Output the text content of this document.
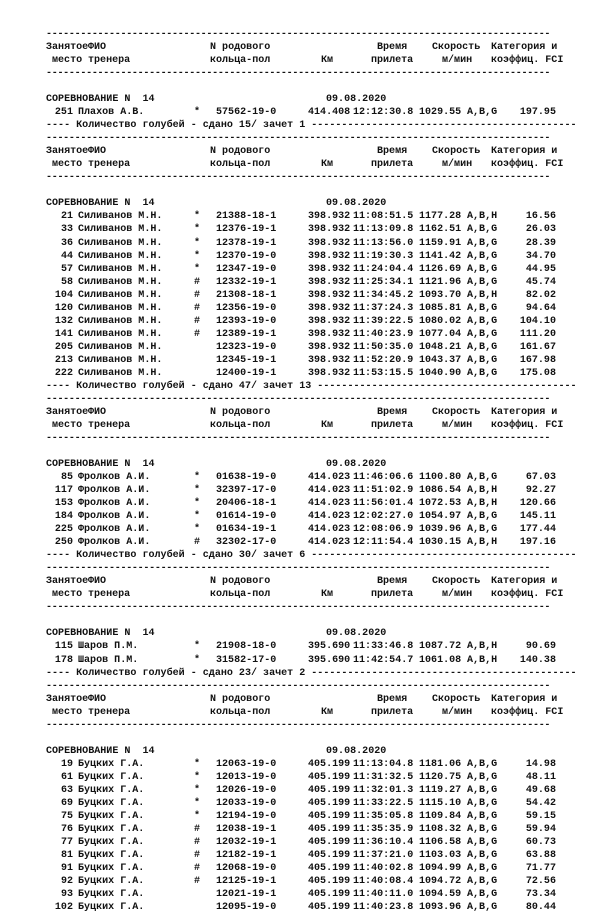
----------------------------------------------------------------------------------------
Занятое ФИО	N родового	Время Скорость Категория и
место тренера	кольца-пол	Км	прилета	м/мин коэффиц. FCI
----------------------------------------------------------------------------------------

СОРЕВНОВАНИЕ N  14	09.08.2020
251 Плахов А.В.	* 57562-19-0	414.408 12:12:30.8 1029.55 A,B,G	197.95
---- Количество голубей - сдано 15/ зачет 1 --------------------------------------------
----------------------------------------------------------------------------------------
Занятое ФИО	N родового	Время Скорость Категория и
место тренера	кольца-пол	Км	прилета	м/мин коэффиц. FCI
----------------------------------------------------------------------------------------

СОРЕВНОВАНИЕ N  14	09.08.2020
21 Силиванов М.Н.	* 21388-18-1	398.932 11:08:51.5 1177.28 A,B,H	16.56
33 Силиванов М.Н.	* 12376-19-1	398.932 11:13:09.8 1162.51 A,B,G	26.03
36 Силиванов М.Н.	* 12378-19-1	398.932 11:13:56.0 1159.91 A,B,G	28.39
44 Силиванов М.Н.	* 12370-19-0	398.932 11:19:30.3 1141.42 A,B,G	34.70
57 Силиванов М.Н.	* 12347-19-0	398.932 11:24:04.4 1126.69 A,B,G	44.95
58 Силиванов М.Н.	# 12332-19-1	398.932 11:25:34.1 1121.96 A,B,G	45.74
104 Силиванов М.Н.	# 21308-18-1	398.932 11:34:45.2 1093.70 A,B,H	82.02
120 Силиванов М.Н.	# 12356-19-0	398.932 11:37:24.3 1085.81 A,B,G	94.64
132 Силиванов М.Н.	# 12393-19-0	398.932 11:39:22.5 1080.02 A,B,G	104.10
141 Силиванов М.Н.	# 12389-19-1	398.932 11:40:23.9 1077.04 A,B,G	111.20
205 Силиванов М.Н.	12323-19-0	398.932 11:50:35.0 1048.21 A,B,G	161.67
213 Силиванов М.Н.	12345-19-1	398.932 11:52:20.9 1043.37 A,B,G	167.98
222 Силиванов М.Н.	12400-19-1	398.932 11:53:15.5 1040.90 A,B,G	175.08
---- Количество голубей - сдано 47/ зачет 13 -------------------------------------------
----------------------------------------------------------------------------------------
Занятое ФИО	N родового	Время Скорость Категория и
место тренера	кольца-пол	Км	прилета	м/мин коэффиц. FCI
----------------------------------------------------------------------------------------

СОРЕВНОВАНИЕ N  14	09.08.2020
85 Фролков А.И.	* 01638-19-0	414.023 11:46:06.6 1100.80 A,B,G	67.03
117 Фролков А.И.	* 32397-17-0	414.023 11:51:02.9 1086.54 A,B,H	92.27
153 Фролков А.И.	* 20406-18-1	414.023 11:56:01.4 1072.53 A,B,H	120.66
184 Фролков А.И.	* 01614-19-0	414.023 12:02:27.0 1054.97 A,B,G	145.11
225 Фролков А.И.	* 01634-19-1	414.023 12:08:06.9 1039.96 A,B,G	177.44
250 Фролков А.И.	# 32302-17-0	414.023 12:11:54.4 1030.15 A,B,H	197.16
---- Количество голубей - сдано 30/ зачет 6 --------------------------------------------
----------------------------------------------------------------------------------------
Занятое ФИО	N родового	Время Скорость Категория и
место тренера	кольца-пол	Км	прилета	м/мин коэффиц. FCI
----------------------------------------------------------------------------------------

СОРЕВНОВАНИЕ N  14	09.08.2020
115 Шаров П.М.	* 21908-18-0	395.690 11:33:46.8 1087.72 A,B,H	90.69
178 Шаров П.М.	* 31582-17-0	395.690 11:42:54.7 1061.08 A,B,H	140.38
---- Количество голубей - сдано 23/ зачет 2 --------------------------------------------
----------------------------------------------------------------------------------------
Занятое ФИО	N родового	Время Скорость Категория и
место тренера	кольца-пол	Км	прилета	м/мин коэффиц. FCI
----------------------------------------------------------------------------------------

СОРЕВНОВАНИЕ N  14	09.08.2020
19 Буцких Г.А.	* 12063-19-0	405.199 11:13:04.8 1181.06 A,B,G	14.98
61 Буцких Г.А.	* 12013-19-0	405.199 11:31:32.5 1120.75 A,B,G	48.11
63 Буцких Г.А.	* 12026-19-0	405.199 11:32:01.3 1119.27 A,B,G	49.68
69 Буцких Г.А.	* 12033-19-0	405.199 11:33:22.5 1115.10 A,B,G	54.42
75 Буцких Г.А.	* 12194-19-0	405.199 11:35:05.8 1109.84 A,B,G	59.15
76 Буцких Г.А.	# 12038-19-1	405.199 11:35:35.9 1108.32 A,B,G	59.94
77 Буцких Г.А.	# 12032-19-1	405.199 11:36:10.4 1106.58 A,B,G	60.73
81 Буцких Г.А.	# 12182-19-1	405.199 11:37:21.0 1103.03 A,B,G	63.88
91 Буцких Г.А.	# 12068-19-0	405.199 11:40:02.8 1094.99 A,B,G	71.77
92 Буцких Г.А.	# 12125-19-1	405.199 11:40:08.4 1094.72 A,B,G	72.56
93 Буцких Г.А.	12021-19-1	405.199 11:40:11.0 1094.59 A,B,G	73.34
102 Буцких Г.А.	12095-19-0	405.199 11:40:23.8 1093.96 A,B,G	80.44
